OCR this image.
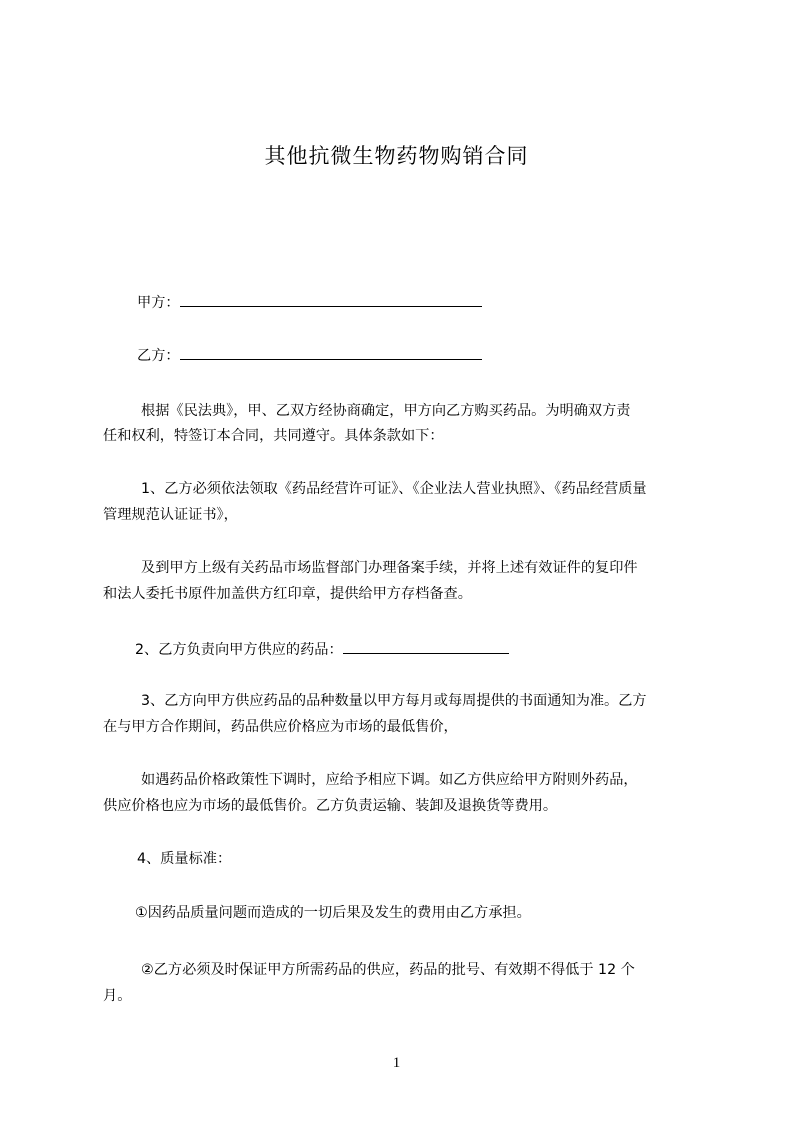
其他抗微生物药物购销合同
甲方：
乙方：
根据《民法典》，甲、乙双方经协商确定，甲方向乙方购买药品。为明确双方责
任和权利，特签订本合同，共同遵守。具体条款如下：
1、乙方必须依法领取《药品经营许可证》、《企业法人营业执照》、《药品经营质量
管理规范认证证书》，
及到甲方上级有关药品市场监督部门办理备案手续，并将上述有效证件的复印件
和法人委托书原件加盖供方红印章，提供给甲方存档备查。
2、乙方负责向甲方供应的药品：
3、乙方向甲方供应药品的品种数量以甲方每月或每周提供的书面通知为准。乙方
在与甲方合作期间，药品供应价格应为市场的最低售价，
如遇药品价格政策性下调时，应给予相应下调。如乙方供应给甲方附则外药品，
供应价格也应为市场的最低售价。乙方负责运输、装卸及退换货等费用。
4、质量标准：
①因药品质量问题而造成的一切后果及发生的费用由乙方承担。
②乙方必须及时保证甲方所需药品的供应，药品的批号、有效期不得低于 12 个
月。
1
